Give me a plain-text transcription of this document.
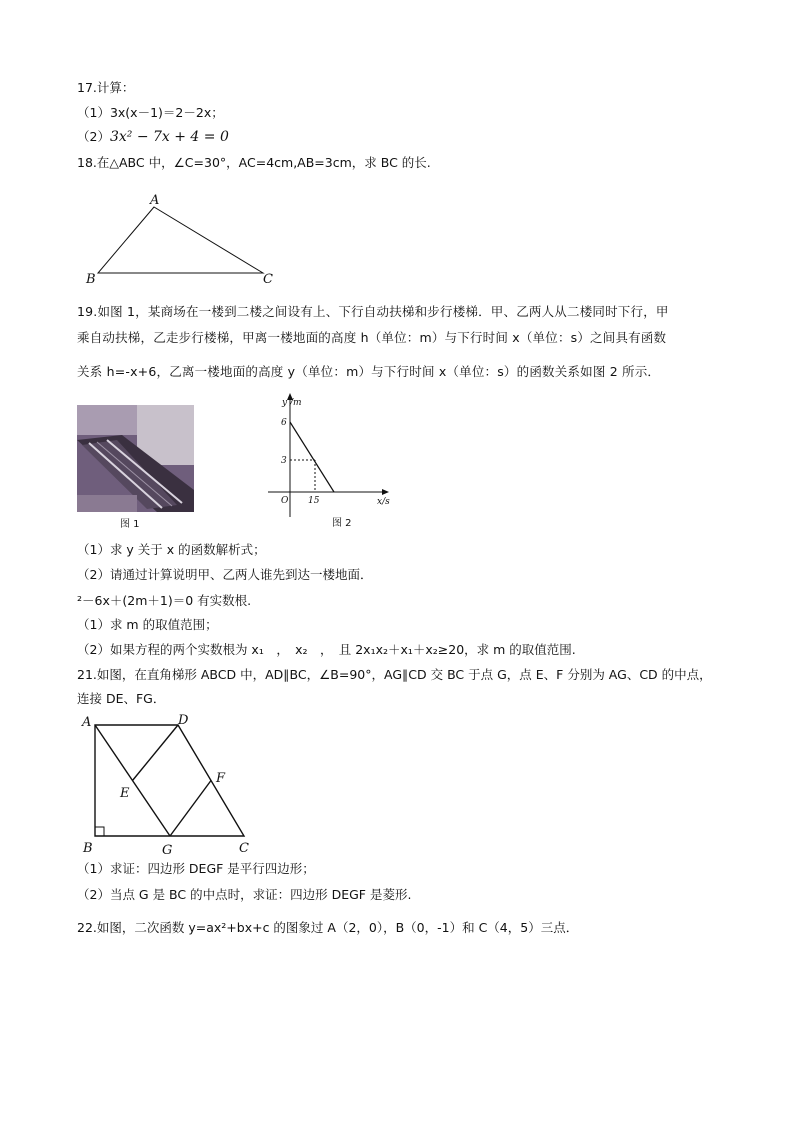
17.计算：
（1）3x(x－1)＝2－2x；
（2）3x² − 7x + 4 = 0
18.在△ABC 中，∠C=30°，AC=4cm,AB=3cm，求 BC 的长.
A
B	C
19.如图 1，某商场在一楼到二楼之间设有上、下行自动扶梯和步行楼梯．甲、乙两人从二楼同时下行，甲
乘自动扶梯，乙走步行楼梯，甲离一楼地面的高度 h（单位：m）与下行时间 x（单位：s）之间具有函数
关系 h=-x+6，乙离一楼地面的高度 y（单位：m）与下行时间 x（单位：s）的函数关系如图 2 所示．
图 1
y /m
x/s
O
6
3
15
图 2
（1）求 y 关于 x 的函数解析式；
（2）请通过计算说明甲、乙两人谁先到达一楼地面．
²－6x＋(2m＋1)＝0 有实数根.
（1）求 m 的取值范围；
（2）如果方程的两个实数根为 x₁　，　x₂　，　且 2x₁x₂＋x₁＋x₂≥20，求 m 的取值范围.
21.如图，在直角梯形 ABCD 中，AD∥BC，∠B=90°，AG∥CD 交 BC 于点 G，点 E、F 分别为 AG、CD 的中点，
连接 DE、FG．
A	D
E
F
B	G	C
（1）求证：四边形 DEGF 是平行四边形；
（2）当点 G 是 BC 的中点时，求证：四边形 DEGF 是菱形.
22.如图，二次函数 y=ax²+bx+c 的图象过 A（2，0），B（0，-1）和 C（4，5）三点．
